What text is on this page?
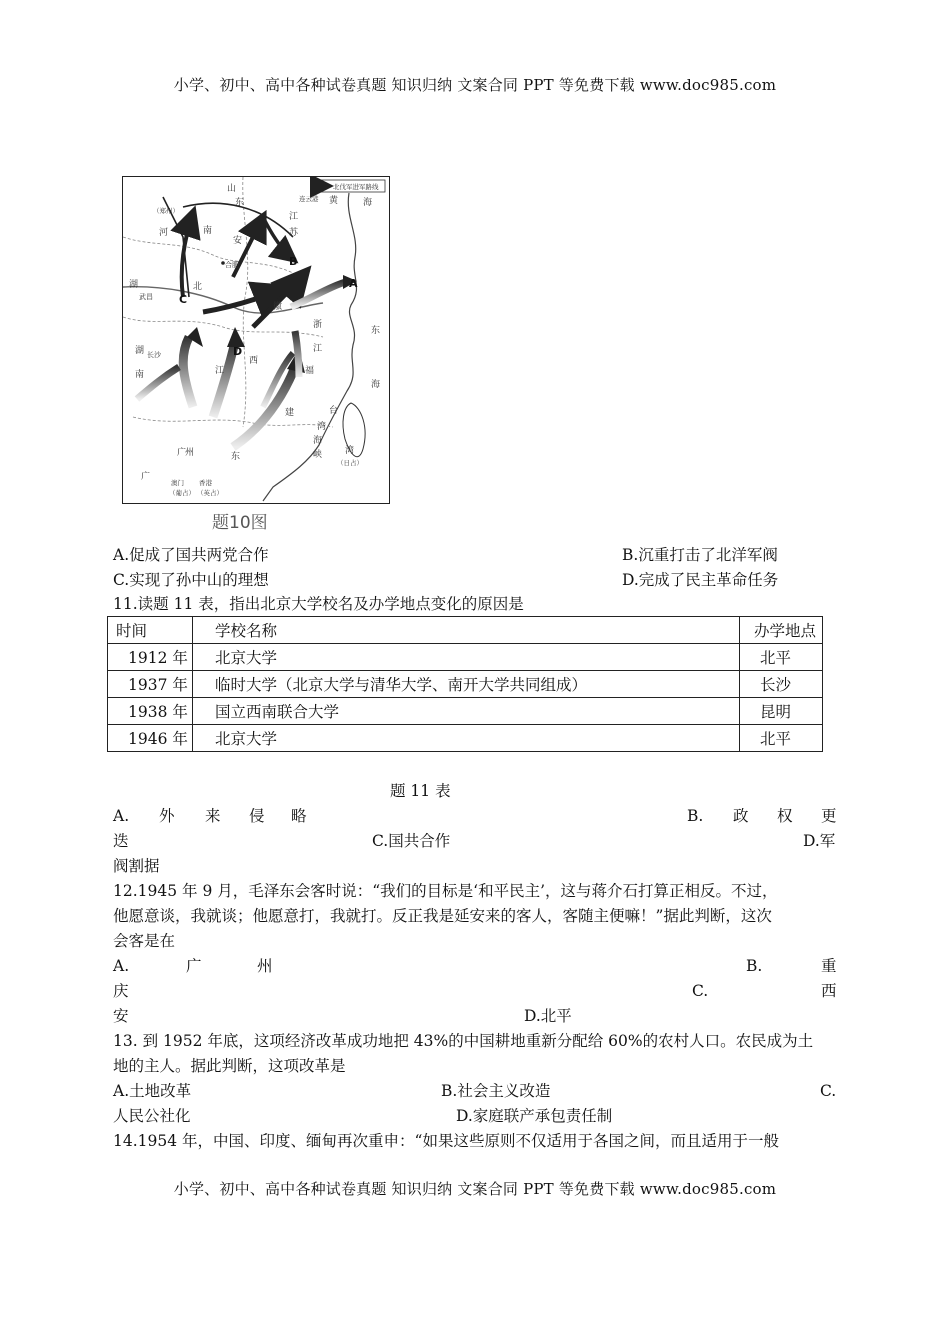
小学、初中、高中各种试卷真题 知识归纳 文案合同 PPT 等免费下载 www.doc985.com
北伐军进军路线
山
东	连云港 黄	海
（郑州）
江
河	南
安
苏
合肥	B
湖
武昌
北
徽
C
A
东
浙
湖 长沙	D	江
江
西
福
海
南
台
建
湾
海
湾
峡
（日占）
广
州	东
广
澳门
（葡占）
香港
（英占）
题10图
A.促成了国共两党合作	B.沉重打击了北洋军阀
C.实现了孙中山的理想	D.完成了民主革命任务
11.读题 11 表，指出北京大学校名及办学地点变化的原因是
时间	学校名称	办学地点
1912 年	北京大学	北平
1937 年	临时大学（北京大学与清华大学、南开大学共同组成）	长沙
1938 年	国立西南联合大学	昆明
1946 年	北京大学	北平
题 11 表
A. 外 来 侵 略	B. 政 权 更
迭	C.国共合作	D.军
阀割据
12.1945 年 9 月，毛泽东会客时说：“我们的目标是‘和平民主’，这与蒋介石打算正相反。不过，
他愿意谈，我就谈；他愿意打，我就打。反正我是延安来的客人，客随主便嘛！”据此判断，这次
会客是在
A.	广	州	B.	重
庆	C.	西
安	D.北平
13. 到 1952 年底，这项经济改革成功地把 43%的中国耕地重新分配给 60%的农村人口。农民成为土
地的主人。据此判断，这项改革是
A.土地改革	B.社会主义改造	C.
人民公社化	D.家庭联产承包责任制
14.1954 年，中国、印度、缅甸再次重申：“如果这些原则不仅适用于各国之间，而且适用于一般
小学、初中、高中各种试卷真题 知识归纳 文案合同 PPT 等免费下载 www.doc985.com
